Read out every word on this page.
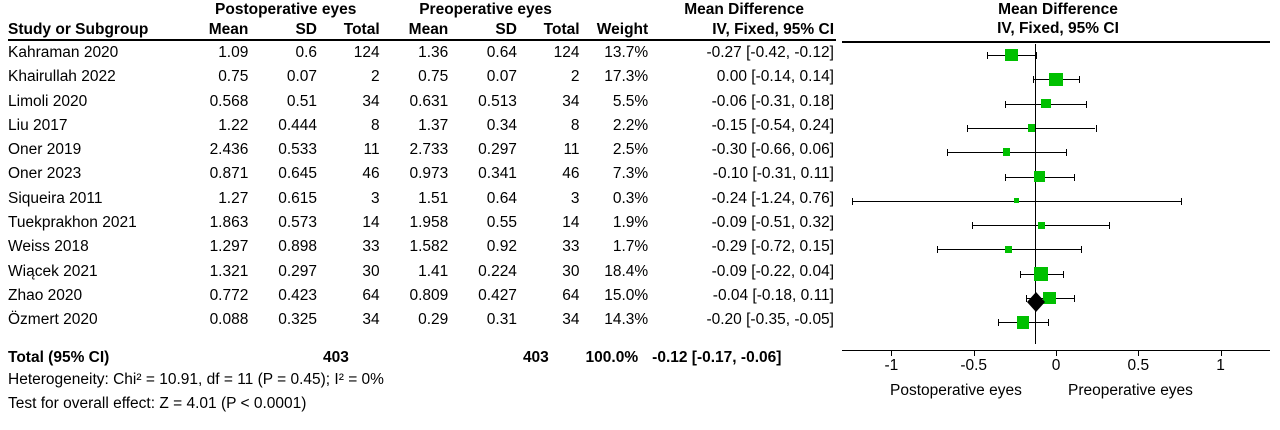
	Postoperative eyes			Preoperative eyes				Mean Difference
Study or Subgroup	Mean	SD	Total	Mean	SD	Total	Weight	IV, Fixed, 95% CI
Kahraman 2020	1.09	0.6	124	1.36	0.64	124	13.7%	-0.27 [-0.42, -0.12]
Khairullah 2022	0.75	0.07	2	0.75	0.07	2	17.3%	0.00 [-0.14, 0.14]
Limoli 2020	0.568	0.51	34	0.631	0.513	34	5.5%	-0.06 [-0.31, 0.18]
Liu 2017	1.22	0.444	8	1.37	0.34	8	2.2%	-0.15 [-0.54, 0.24]
Oner 2019	2.436	0.533	11	2.733	0.297	11	2.5%	-0.30 [-0.66, 0.06]
Oner 2023	0.871	0.645	46	0.973	0.341	46	7.3%	-0.10 [-0.31, 0.11]
Siqueira 2011	1.27	0.615	3	1.51	0.64	3	0.3%	-0.24 [-1.24, 0.76]
Tuekprakhon 2021	1.863	0.573	14	1.958	0.55	14	1.9%	-0.09 [-0.51, 0.32]
Weiss 2018	1.297	0.898	33	1.582	0.92	33	1.7%	-0.29 [-0.72, 0.15]
Wiącek 2021	1.321	0.297	30	1.41	0.224	30	18.4%	-0.09 [-0.22, 0.04]
Zhao 2020	0.772	0.423	64	0.809	0.427	64	15.0%	-0.04 [-0.18, 0.11]
Özmert 2020	0.088	0.325	34	0.29	0.31	34	14.3%	-0.20 [-0.35, -0.05]
Total (95% CI)			403			403	100.0%	-0.12 [-0.17, -0.06]
Heterogeneity: Chi² = 10.91, df = 11 (P = 0.45); I² = 0%
Test for overall effect: Z = 4.01 (P < 0.0001)
Mean Difference
IV, Fixed, 95% CI
Postoperative eyes	Preoperative eyes
-1	-0.5	0	0.5	1
